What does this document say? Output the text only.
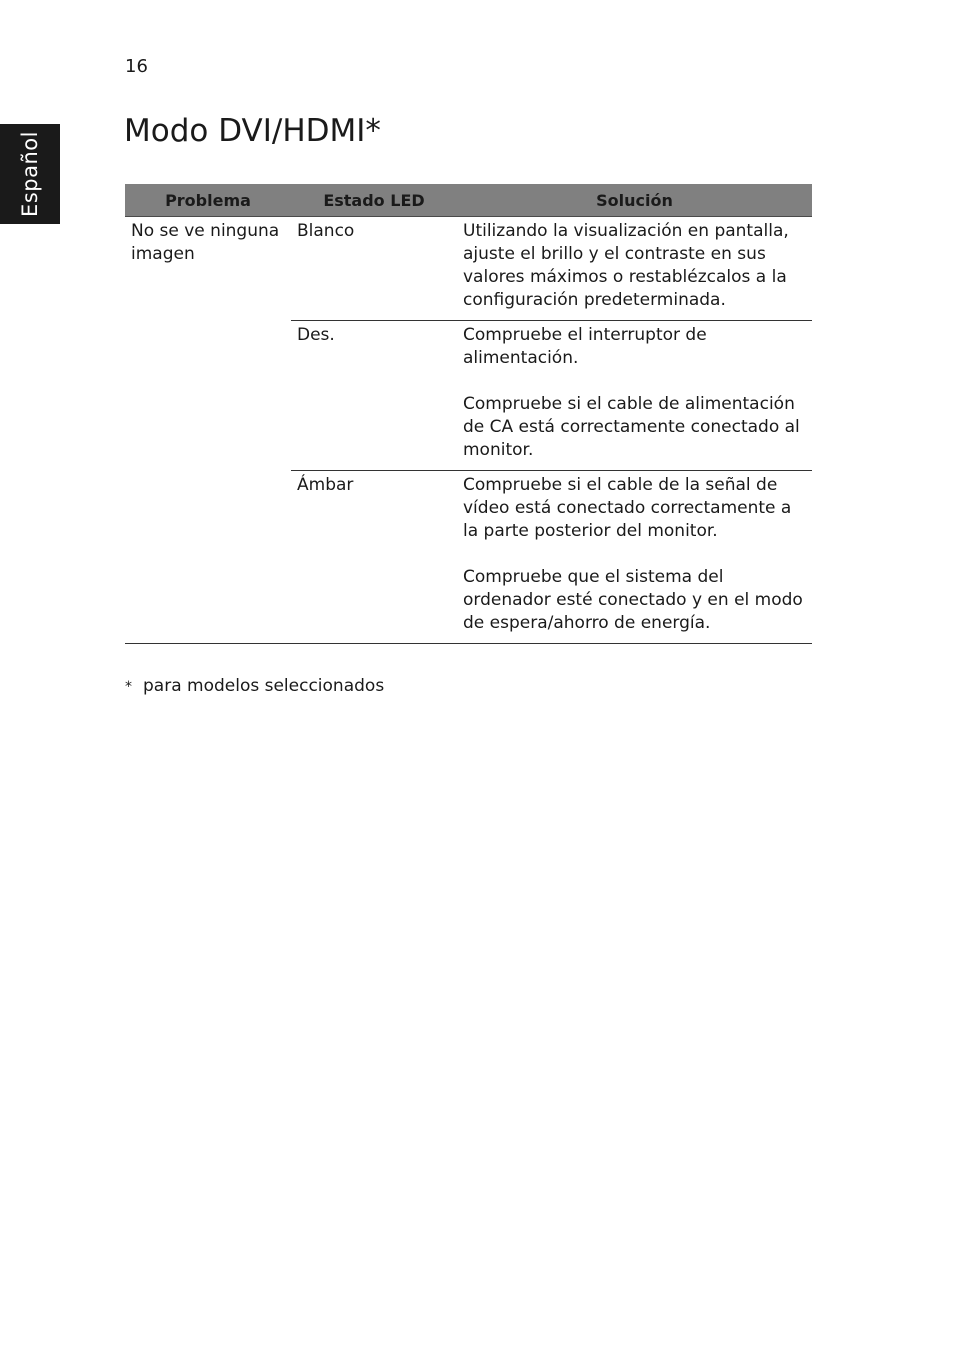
Español
16
Modo DVI/HDMI*
Problema	Estado LED	Solución
No se ve ninguna imagen	Blanco	Utilizando la visualización en pantalla, ajuste el brillo y el contraste en sus valores máximos o restablézcalos a la configuración predeterminada.

	Des.	Compruebe el interruptor de alimentación.
Compruebe si el cable de alimentación de CA está correctamente conectado al monitor.

	Ámbar	Compruebe si el cable de la señal de vídeo está conectado correctamente a la parte posterior del monitor.
Compruebe que el sistema del ordenador esté conectado y en el modo de espera/ahorro de energía.
* para modelos seleccionados
